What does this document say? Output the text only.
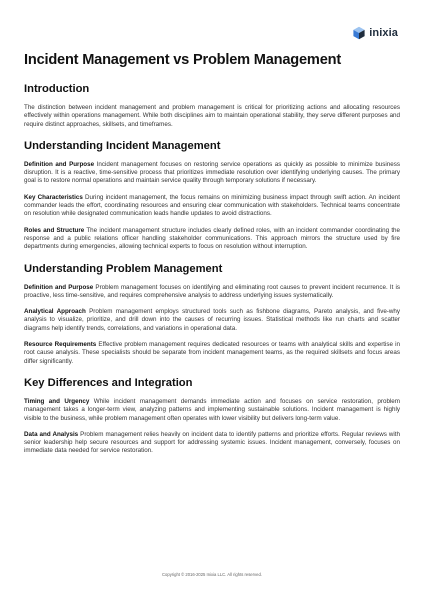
inixia
Incident Management vs Problem Management
Introduction

The distinction between incident management and problem management is critical for prioritizing actions and allocating resources effectively within operations management. While both disciplines aim to maintain operational stability, they serve different purposes and require distinct approaches, skillsets, and timeframes.

Understanding Incident Management

Definition and Purpose Incident management focuses on restoring service operations as quickly as possible to minimize business disruption. It is a reactive, time-sensitive process that prioritizes immediate resolution over identifying underlying causes. The primary goal is to restore normal operations and maintain service quality through temporary solutions if necessary.

Key Characteristics During incident management, the focus remains on minimizing business impact through swift action. An incident commander leads the effort, coordinating resources and ensuring clear communication with stakeholders. Technical teams concentrate on resolution while designated communication leads handle updates to avoid distractions.

Roles and Structure The incident management structure includes clearly defined roles, with an incident commander coordinating the response and a public relations officer handling stakeholder communications. This approach mirrors the structure used by fire departments during emergencies, allowing technical experts to focus on resolution without interruption.

Understanding Problem Management

Definition and Purpose Problem management focuses on identifying and eliminating root causes to prevent incident recurrence. It is proactive, less time-sensitive, and requires comprehensive analysis to address underlying issues systematically.

Analytical Approach Problem management employs structured tools such as fishbone diagrams, Pareto analysis, and five-why analysis to visualize, prioritize, and drill down into the causes of recurring issues. Statistical methods like run charts and scatter diagrams help identify trends, correlations, and variations in operational data.

Resource Requirements Effective problem management requires dedicated resources or teams with analytical skills and expertise in root cause analysis. These specialists should be separate from incident management teams, as the required skillsets and focus areas differ significantly.

Key Differences and Integration

Timing and Urgency While incident management demands immediate action and focuses on service restoration, problem management takes a longer-term view, analyzing patterns and implementing sustainable solutions. Incident management is highly visible to the business, while problem management often operates with lower visibility but delivers long-term value.

Data and Analysis Problem management relies heavily on incident data to identify patterns and prioritize efforts. Regular reviews with senior leadership help secure resources and support for addressing systemic issues. Incident management, conversely, focuses on immediate data needed for service restoration.

Copyright © 2016-2025 Inixia LLC. All rights reserved.
